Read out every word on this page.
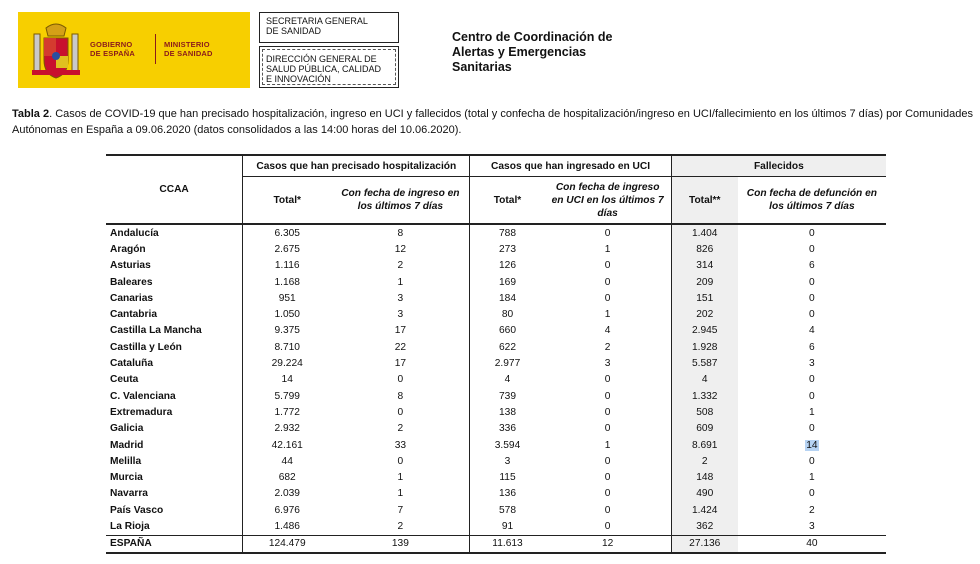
GOBIERNO
DE ESPAÑA
MINISTERIO
DE SANIDAD
SECRETARIA GENERAL
DE SANIDAD
DIRECCIÓN GENERAL DE
SALUD PÚBLICA, CALIDAD
E INNOVACIÓN
Centro de Coordinación de
Alertas y Emergencias
Sanitarias
Tabla 2. Casos de COVID-19 que han precisado hospitalización, ingreso en UCI y fallecidos (total y confecha de hospitalización/ingreso en UCI/fallecimiento en los últimos 7 días) por Comunidades Autónomas en España a 09.06.2020 (datos consolidados a las 14:00 horas del 10.06.2020).
CCAA	Casos que han precisado hospitalización		Casos que han ingresado en UCI		Fallecidos	
	Total*	Con fecha de ingreso en los últimos 7 días	Total*	Con fecha de ingreso en UCI en los últimos 7 días	Total**	Con fecha de defunción en los últimos 7 días
Andalucía	6.305	8	788	0	1.404	0
Aragón	2.675	12	273	1	826	0
Asturias	1.116	2	126	0	314	6
Baleares	1.168	1	169	0	209	0
Canarias	951	3	184	0	151	0
Cantabria	1.050	3	80	1	202	0
Castilla La Mancha	9.375	17	660	4	2.945	4
Castilla y León	8.710	22	622	2	1.928	6
Cataluña	29.224	17	2.977	3	5.587	3
Ceuta	14	0	4	0	4	0
C. Valenciana	5.799	8	739	0	1.332	0
Extremadura	1.772	0	138	0	508	1
Galicia	2.932	2	336	0	609	0
Madrid	42.161	33	3.594	1	8.691	14
Melilla	44	0	3	0	2	0
Murcia	682	1	115	0	148	1
Navarra	2.039	1	136	0	490	0
País Vasco	6.976	7	578	0	1.424	2
La Rioja	1.486	2	91	0	362	3
ESPAÑA	124.479	139	11.613	12	27.136	40
